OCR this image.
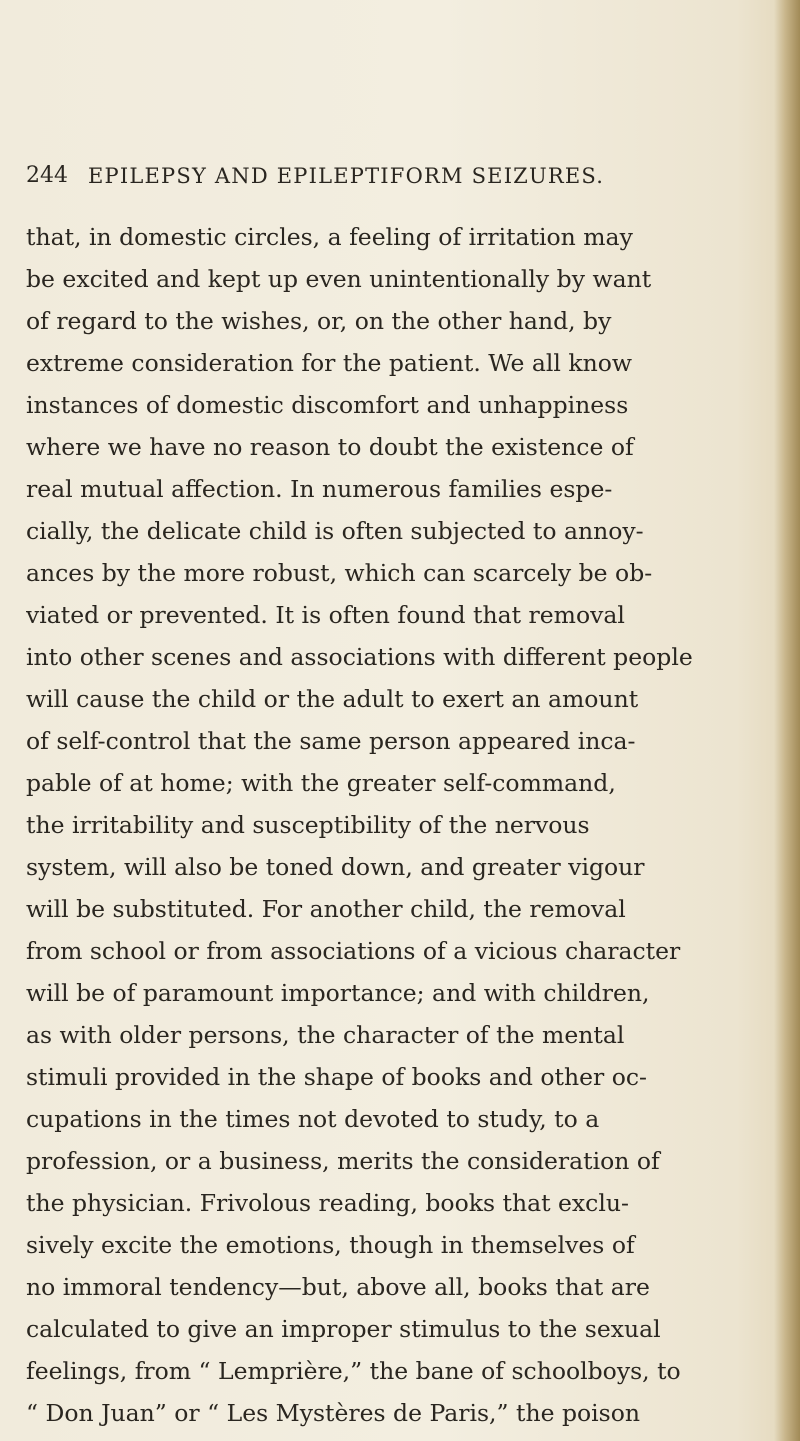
244 EPILEPSY AND EPILEPTIFORM SEIZURES.
that, in domestic circles, a feeling of irritation may
be excited and kept up even unintentionally by want
of regard to the wishes, or, on the other hand, by
extreme consideration for the patient. We all know
instances of domestic discomfort and unhappiness
where we have no reason to doubt the existence of
real mutual affection. In numerous families espe-
cially, the delicate child is often subjected to annoy-
ances by the more robust, which can scarcely be ob-
viated or prevented. It is often found that removal
into other scenes and associations with different people
will cause the child or the adult to exert an amount
of self-control that the same person appeared inca-
pable of at home; with the greater self-command,
the irritability and susceptibility of the nervous
system, will also be toned down, and greater vigour
will be substituted. For another child, the removal
from school or from associations of a vicious character
will be of paramount importance; and with children,
as with older persons, the character of the mental
stimuli provided in the shape of books and other oc-
cupations in the times not devoted to study, to a
profession, or a business, merits the consideration of
the physician. Frivolous reading, books that exclu-
sively excite the emotions, though in themselves of
no immoral tendency—but, above all, books that are
calculated to give an improper stimulus to the sexual
feelings, from “ Lemprière,” the bane of schoolboys, to
“ Don Juan” or “ Les Mystères de Paris,” the poison
